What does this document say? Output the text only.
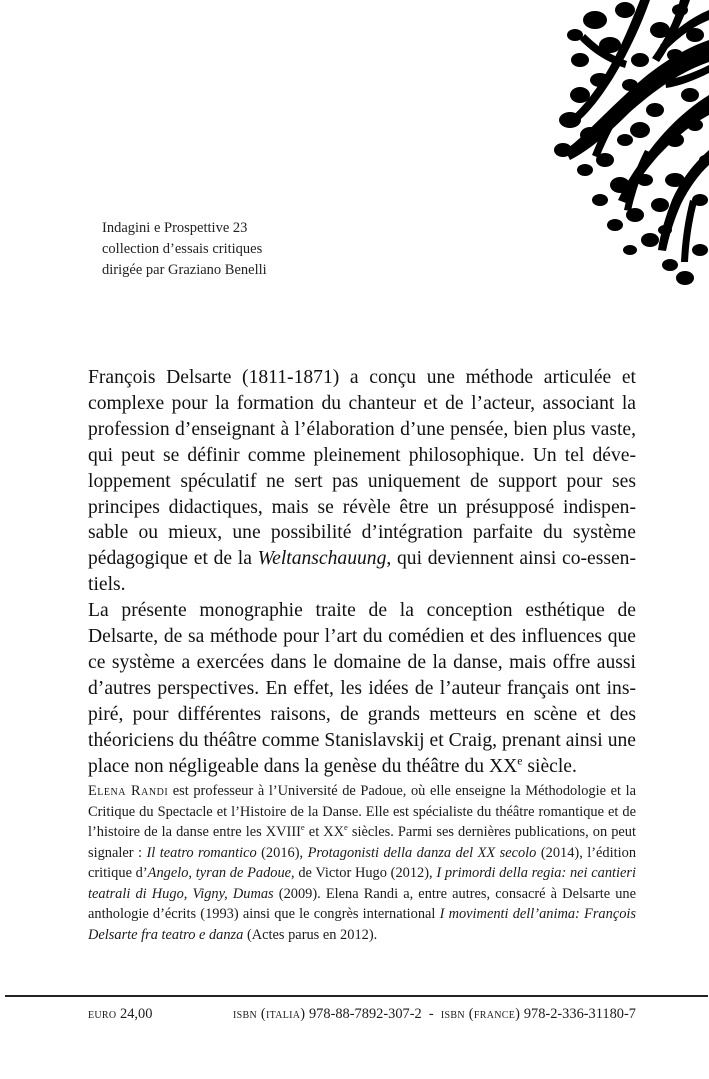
Indagini e Prospettive 23
collection d’essais critiques
dirigée par Graziano Benelli

François Delsarte (1811-1871) a conçu une méthode articulée et complexe pour la formation du chanteur et de l’acteur, associant la profession d’enseignant à l’élaboration d’une pensée, bien plus vaste, qui peut se définir comme pleinement philosophique. Un tel développement spéculatif ne sert pas uniquement de support pour ses principes didactiques, mais se révèle être un présupposé indispensable ou mieux, une possibilité d’intégration parfaite du système pédagogique et de la Weltanschauung, qui deviennent ainsi co-essentiels.

La présente monographie traite de la conception esthétique de Delsarte, de sa méthode pour l’art du comédien et des influences que ce système a exercées dans le domaine de la danse, mais offre aussi d’autres perspectives. En effet, les idées de l’auteur français ont inspiré, pour différentes raisons, de grands metteurs en scène et des théoriciens du théâtre comme Stanislavskij et Craig, prenant ainsi une place non négligeable dans la genèse du théâtre du XXe siècle.

Elena Randi est professeur à l’Université de Padoue, où elle enseigne la Méthodologie et la Critique du Spectacle et l’Histoire de la Danse. Elle est spécialiste du théâtre romantique et de l’histoire de la danse entre les XVIIIe et XXe siècles. Parmi ses dernières publications, on peut signaler : Il teatro romantico (2016), Protagonisti della danza del XX secolo (2014), l’édition critique d’Angelo, tyran de Padoue, de Victor Hugo (2012), I primordi della regia: nei cantieri teatrali di Hugo, Vigny, Dumas (2009). Elena Randi a, entre autres, consacré à Delsarte une anthologie d’écrits (1993) ainsi que le congrès international I movimenti dell’anima: François Delsarte fra teatro e danza (Actes parus en 2012).
euro 24,00	isbn (italia) 978-88-7892-307-2  -  isbn (france) 978-2-336-31180-7
